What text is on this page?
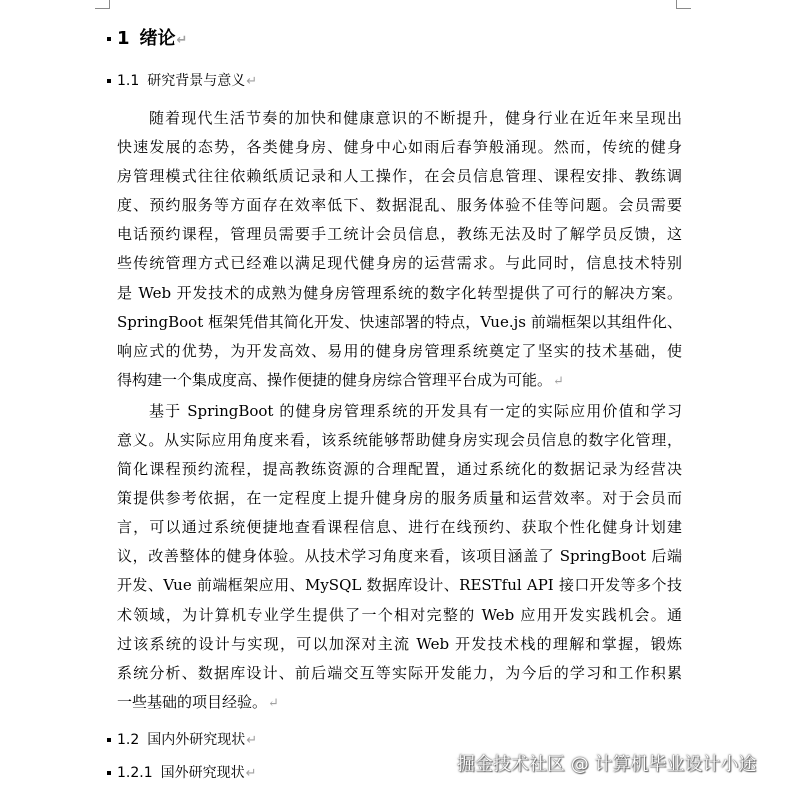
1 绪论↵
1.1 研究背景与意义↵
随着现代生活节奏的加快和健康意识的不断提升，健身行业在近年来呈现出
快速发展的态势，各类健身房、健身中心如雨后春笋般涌现。然而，传统的健身
房管理模式往往依赖纸质记录和人工操作，在会员信息管理、课程安排、教练调
度、预约服务等方面存在效率低下、数据混乱、服务体验不佳等问题。会员需要
电话预约课程，管理员需要手工统计会员信息，教练无法及时了解学员反馈，这
些传统管理方式已经难以满足现代健身房的运营需求。与此同时，信息技术特别
是 Web 开发技术的成熟为健身房管理系统的数字化转型提供了可行的解决方案。
SpringBoot 框架凭借其简化开发、快速部署的特点，Vue.js 前端框架以其组件化、
响应式的优势，为开发高效、易用的健身房管理系统奠定了坚实的技术基础，使
得构建一个集成度高、操作便捷的健身房综合管理平台成为可能。↵
基于 SpringBoot 的健身房管理系统的开发具有一定的实际应用价值和学习
意义。从实际应用角度来看，该系统能够帮助健身房实现会员信息的数字化管理，
简化课程预约流程，提高教练资源的合理配置，通过系统化的数据记录为经营决
策提供参考依据，在一定程度上提升健身房的服务质量和运营效率。对于会员而
言，可以通过系统便捷地查看课程信息、进行在线预约、获取个性化健身计划建
议，改善整体的健身体验。从技术学习角度来看，该项目涵盖了 SpringBoot 后端
开发、Vue 前端框架应用、MySQL 数据库设计、RESTful API 接口开发等多个技
术领域，为计算机专业学生提供了一个相对完整的 Web 应用开发实践机会。通
过该系统的设计与实现，可以加深对主流 Web 开发技术栈的理解和掌握，锻炼
系统分析、数据库设计、前后端交互等实际开发能力，为今后的学习和工作积累
一些基础的项目经验。↵
1.2 国内外研究现状↵
1.2.1 国外研究现状↵	掘金技术社区 @ 计算机毕业设计小途
